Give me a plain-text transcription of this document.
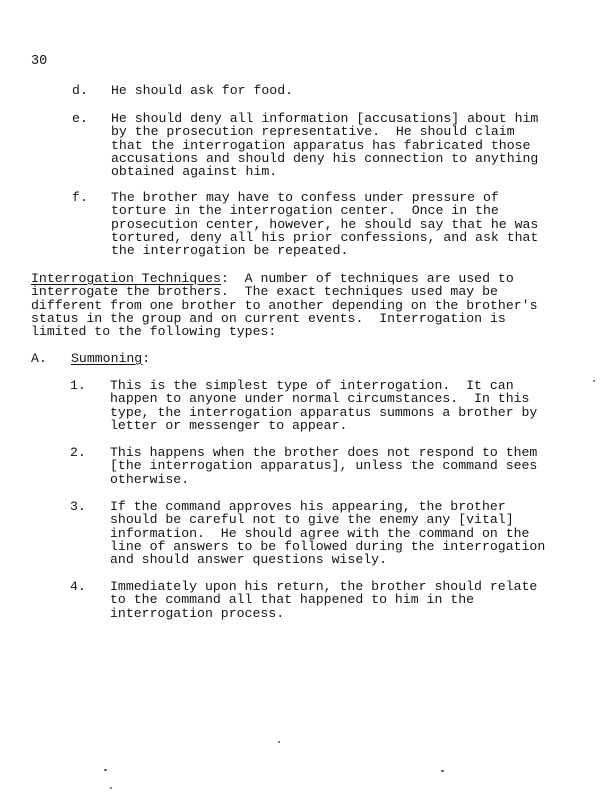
30
d. He should ask for food.
e. He should deny all information [accusations] about him
by the prosecution representative.  He should claim
that the interrogation apparatus has fabricated those
accusations and should deny his connection to anything
obtained against him.
f. The brother may have to confess under pressure of
torture in the interrogation center.  Once in the
prosecution center, however, he should say that he was
tortured, deny all his prior confessions, and ask that
the interrogation be repeated.
Interrogation Techniques:  A number of techniques are used to
interrogate the brothers.  The exact techniques used may be
different from one brother to another depending on the brother's
status in the group and on current events.  Interrogation is
limited to the following types:
A. Summoning:
1. This is the simplest type of interrogation.  It can
happen to anyone under normal circumstances.  In this
type, the interrogation apparatus summons a brother by
letter or messenger to appear.
2. This happens when the brother does not respond to them
[the interrogation apparatus], unless the command sees
otherwise.
3. If the command approves his appearing, the brother
should be careful not to give the enemy any [vital]
information.  He should agree with the command on the
line of answers to be followed during the interrogation
and should answer questions wisely.
4. Immediately upon his return, the brother should relate
to the command all that happened to him in the
interrogation process.
